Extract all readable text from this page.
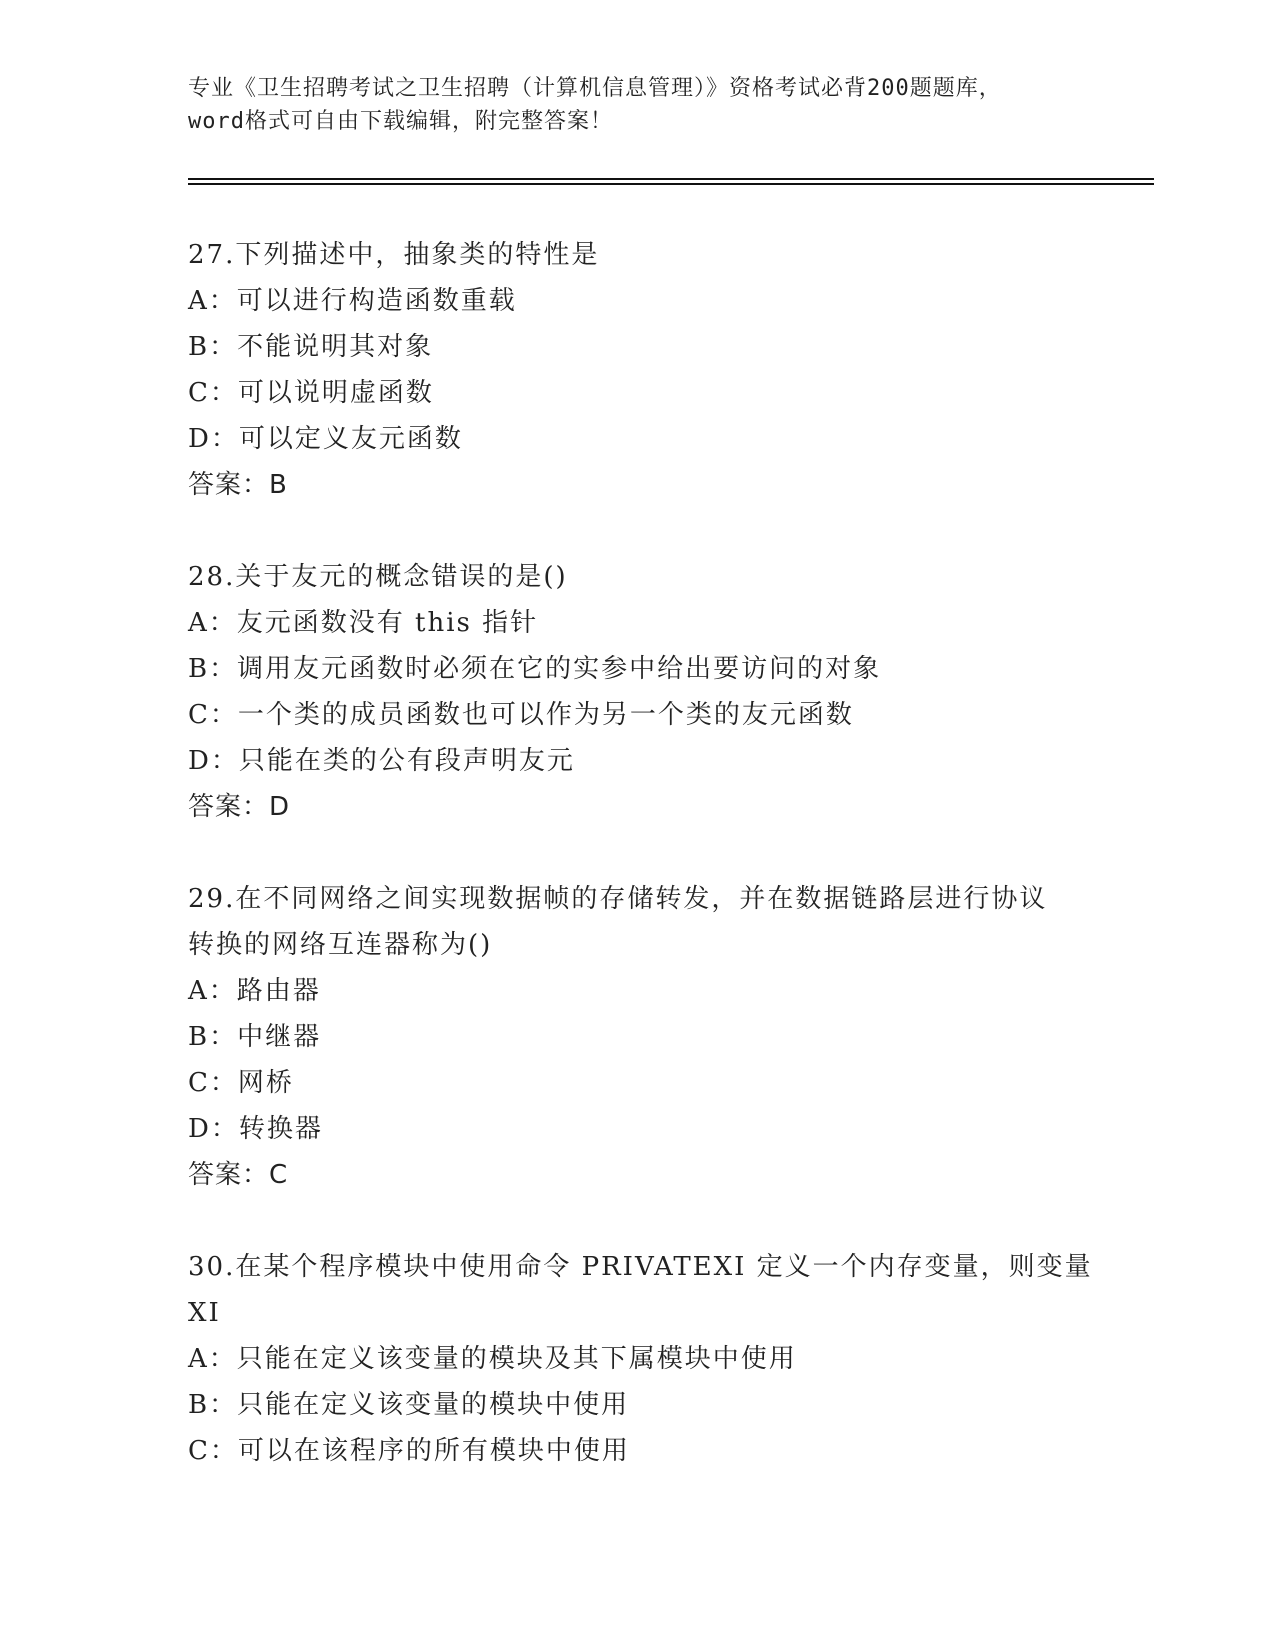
专业《卫生招聘考试之卫生招聘（计算机信息管理）》资格考试必背200题题库，
word格式可自由下载编辑，附完整答案！
27.下列描述中，抽象类的特性是
A：可以进行构造函数重载
B：不能说明其对象
C：可以说明虚函数
D：可以定义友元函数
答案：B
28.关于友元的概念错误的是()
A：友元函数没有 this 指针
B：调用友元函数时必须在它的实参中给出要访问的对象
C：一个类的成员函数也可以作为另一个类的友元函数
D：只能在类的公有段声明友元
答案：D
29.在不同网络之间实现数据帧的存储转发，并在数据链路层进行协议
转换的网络互连器称为()
A：路由器
B：中继器
C：网桥
D：转换器
答案：C
30.在某个程序模块中使用命令 PRIVATEXI 定义一个内存变量，则变量
XI
A：只能在定义该变量的模块及其下属模块中使用
B：只能在定义该变量的模块中使用
C：可以在该程序的所有模块中使用
